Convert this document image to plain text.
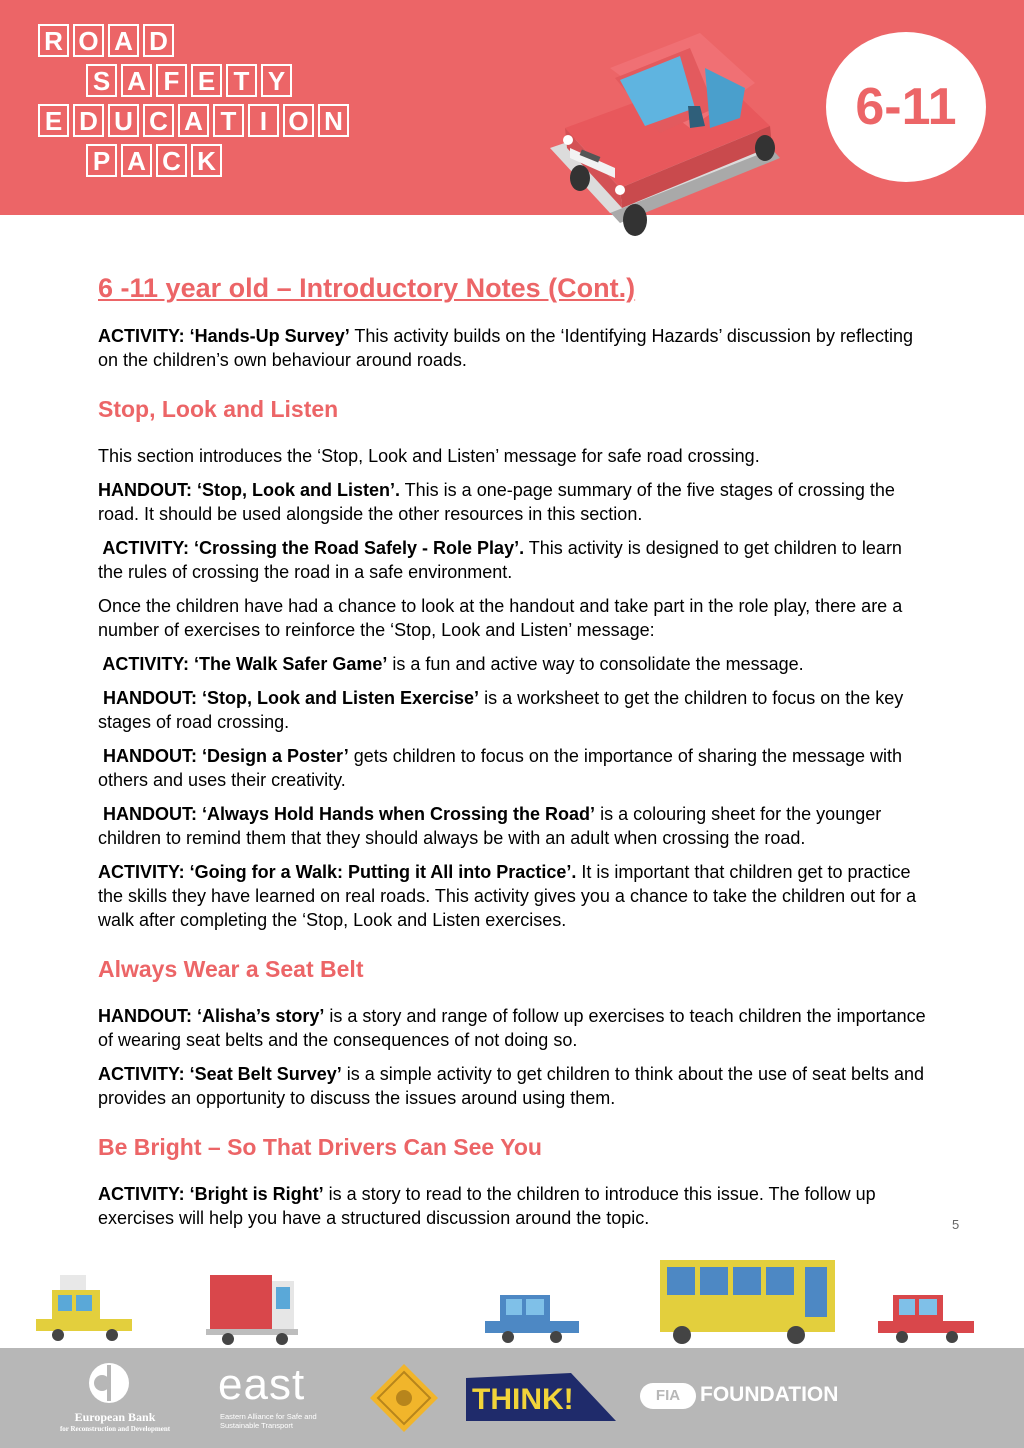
R O A D
S A F E T Y
E D U C A T I O N
P A C K
6-11
6 -11 year old – Introductory Notes (Cont.)

ACTIVITY: ‘Hands-Up Survey’ This activity builds on the ‘Identifying Hazards’ discussion by reflecting on the children’s own behaviour around roads.

Stop, Look and Listen

This section introduces the ‘Stop, Look and Listen’ message for safe road crossing.

HANDOUT: ‘Stop, Look and Listen’. This is a one-page summary of the five stages of crossing the road. It should be used alongside the other resources in this section.

ACTIVITY: ‘Crossing the Road Safely - Role Play’. This activity is designed to get children to learn the rules of crossing the road in a safe environment.

Once the children have had a chance to look at the handout and take part in the role play, there are a number of exercises to reinforce the ‘Stop, Look and Listen’ message:

ACTIVITY: ‘The Walk Safer Game’ is a fun and active way to consolidate the message.

HANDOUT: ‘Stop, Look and Listen Exercise’ is a worksheet to get the children to focus on the key stages of road crossing.

HANDOUT: ‘Design a Poster’ gets children to focus on the importance of sharing the message with others and uses their creativity.

HANDOUT: ‘Always Hold Hands when Crossing the Road’ is a colouring sheet for the younger children to remind them that they should always be with an adult when crossing the road.

ACTIVITY: ‘Going for a Walk: Putting it All into Practice’. It is important that children get to practice the skills they have learned on real roads. This activity gives you a chance to take the children out for a walk after completing the ‘Stop, Look and Listen exercises.

Always Wear a Seat Belt

HANDOUT: ‘Alisha’s story’ is a story and range of follow up exercises to teach children the importance of wearing seat belts and the consequences of not doing so.

ACTIVITY: ‘Seat Belt Survey’ is a simple activity to get children to think about the use of seat belts and provides an opportunity to discuss the issues around using them.

Be Bright – So That Drivers Can See You

ACTIVITY: ‘Bright is Right’ is a story to read to the children to introduce this issue. The follow up exercises will help you have a structured discussion around the topic.	5
European Bank
for Reconstruction and Development
east
Eastern Alliance for Safe and Sustainable Transport
THINK!	FIA FOUNDATION
